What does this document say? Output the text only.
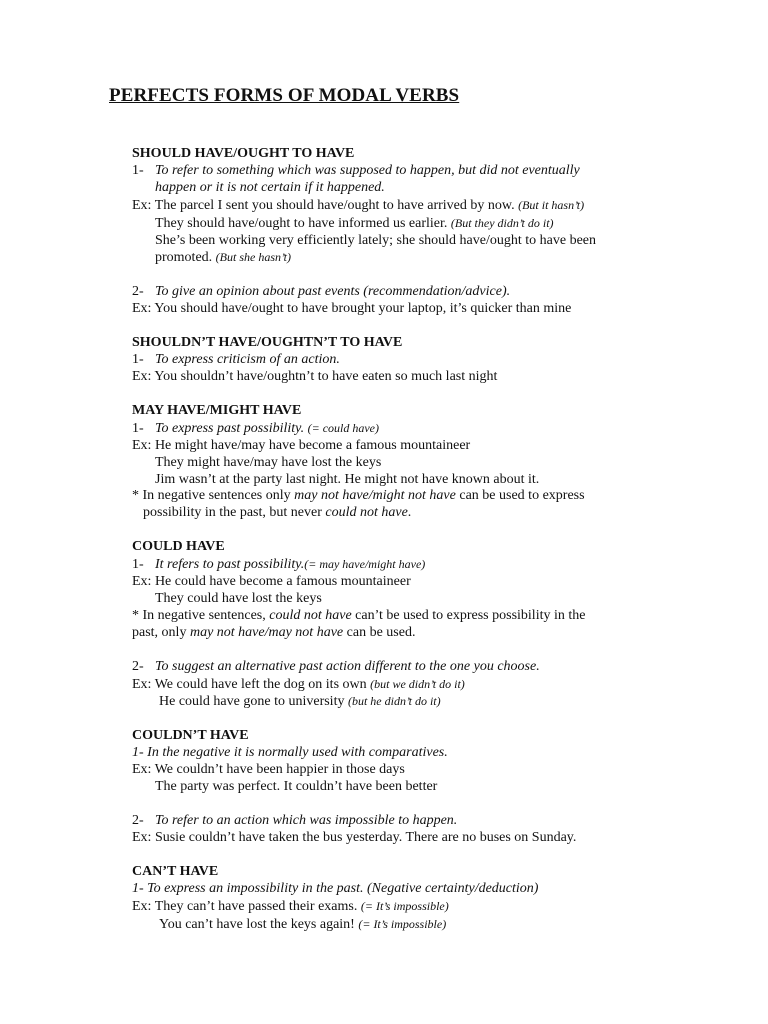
PERFECTS FORMS OF MODAL VERBS
SHOULD HAVE/OUGHT TO HAVE
1- To refer to something which was supposed to happen, but did not eventually
happen or it is not certain if it happened.
Ex: The parcel I sent you should have/ought to have arrived by now. (But it hasn’t)
They should have/ought to have informed us earlier. (But they didn’t do it)
She’s been working very efficiently lately; she should have/ought to have been
promoted. (But she hasn’t)
2- To give an opinion about past events (recommendation/advice).
Ex: You should have/ought to have brought your laptop, it’s quicker than mine
SHOULDN’T HAVE/OUGHTN’T TO HAVE
1- To express criticism of an action.
Ex: You shouldn’t have/oughtn’t to have eaten so much last night
MAY HAVE/MIGHT HAVE
1- To express past possibility. (= could have)
Ex: He might have/may have become a famous mountaineer
They might have/may have lost the keys
Jim wasn’t at the party last night. He might not have known about it.
* In negative sentences only may not have/might not have can be used to express
possibility in the past, but never could not have.
COULD HAVE
1- It refers to past possibility.(= may have/might have)
Ex: He could have become a famous mountaineer
They could have lost the keys
* In negative sentences, could not have can’t be used to express possibility in the
past, only may not have/may not have can be used.
2- To suggest an alternative past action different to the one you choose.
Ex: We could have left the dog on its own (but we didn’t do it)
He could have gone to university (but he didn’t do it)
COULDN’T HAVE
1- In the negative it is normally used with comparatives.
Ex: We couldn’t have been happier in those days
The party was perfect. It couldn’t have been better
2- To refer to an action which was impossible to happen.
Ex: Susie couldn’t have taken the bus yesterday. There are no buses on Sunday.
CAN’T HAVE
1- To express an impossibility in the past. (Negative certainty/deduction)
Ex: They can’t have passed their exams. (= It’s impossible)
You can’t have lost the keys again! (= It’s impossible)
